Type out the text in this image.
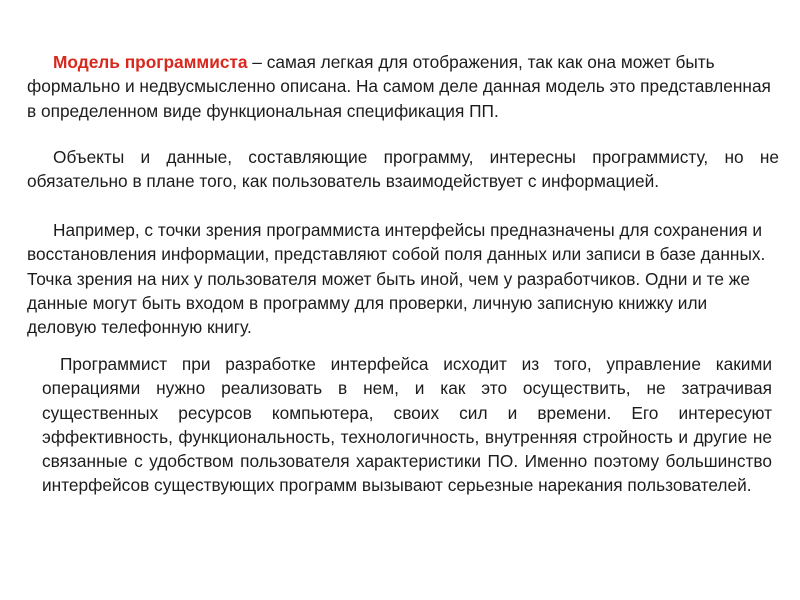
Модель программиста – самая легкая для отображения, так как она может быть формально и недвусмысленно описана. На самом деле данная модель это представленная в определенном виде функциональная спецификация ПП.

Объекты и данные, составляющие программу, интересны программисту, но не обязательно в плане того, как пользователь взаимодействует с информацией.

Например, с точки зрения программиста интерфейсы предназначены для сохранения и восстановления информации, представляют собой поля данных или записи в базе данных. Точка зрения на них у пользователя может быть иной, чем у разработчиков. Одни и те же данные могут быть входом в программу для проверки, личную записную книжку или деловую телефонную книгу.

Программист при разработке интерфейса исходит из того, управление какими операциями нужно реализовать в нем, и как это осуществить, не затрачивая существенных ресурсов компьютера, своих сил и времени. Его интересуют эффективность, функциональность, технологичность, внутренняя стройность и другие не связанные с удобством пользователя характеристики ПО. Именно поэтому большинство интерфейсов существующих программ вызывают серьезные нарекания пользователей.
